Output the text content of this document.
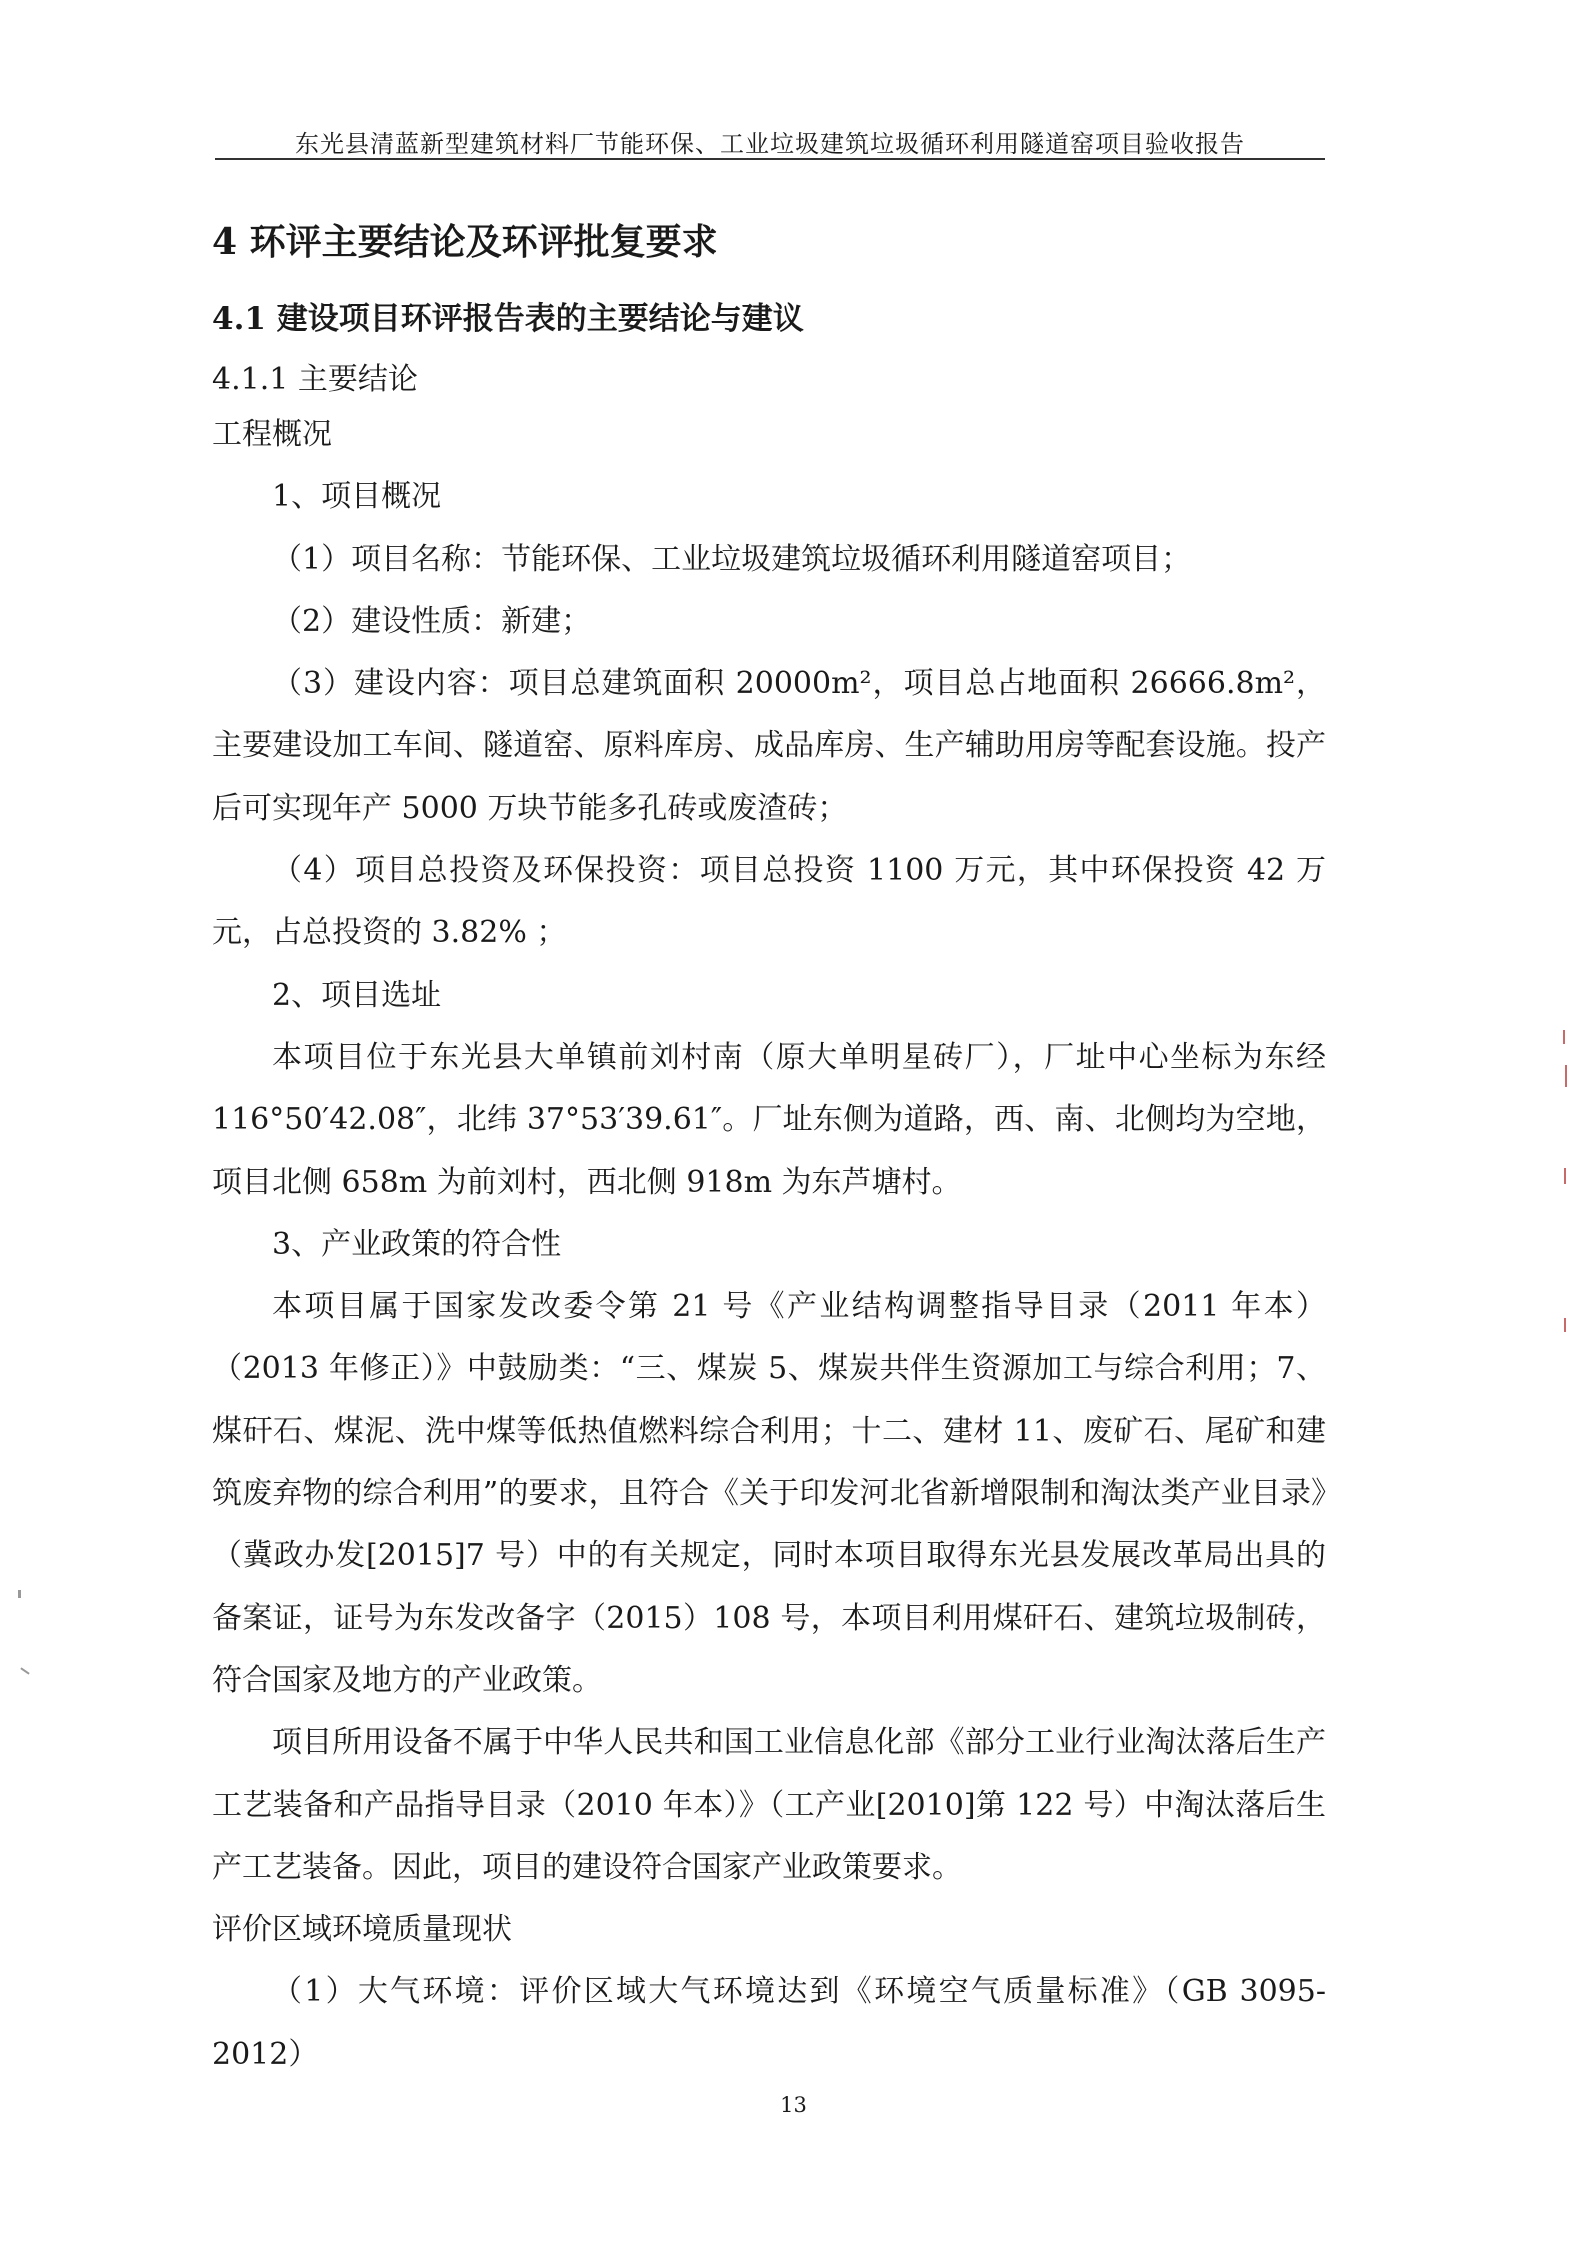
东光县清蓝新型建筑材料厂节能环保、工业垃圾建筑垃圾循环利用隧道窑项目验收报告
4 环评主要结论及环评批复要求
4.1 建设项目环评报告表的主要结论与建议
4.1.1 主要结论

工程概况

1、项目概况

（1）项目名称：节能环保、工业垃圾建筑垃圾循环利用隧道窑项目；

（2）建设性质：新建；

（3）建设内容：项目总建筑面积 20000m²，项目总占地面积 26666.8m²，主要建设加工车间、隧道窑、原料库房、成品库房、生产辅助用房等配套设施。投产后可实现年产 5000 万块节能多孔砖或废渣砖；

（4）项目总投资及环保投资：项目总投资 1100 万元，其中环保投资 42 万元，占总投资的 3.82% ；

2、项目选址

本项目位于东光县大单镇前刘村南（原大单明星砖厂），厂址中心坐标为东经 116°50′42.08″，北纬 37°53′39.61″。厂址东侧为道路，西、南、北侧均为空地，项目北侧 658m 为前刘村，西北侧 918m 为东芦塘村。

3、产业政策的符合性

本项目属于国家发改委令第 21 号《产业结构调整指导目录（2011 年本）（2013 年修正）》中鼓励类：“三、煤炭 5、煤炭共伴生资源加工与综合利用；7、煤矸石、煤泥、洗中煤等低热值燃料综合利用；十二、建材 11、废矿石、尾矿和建筑废弃物的综合利用”的要求，且符合《关于印发河北省新增限制和淘汰类产业目录》（冀政办发[2015]7 号）中的有关规定，同时本项目取得东光县发展改革局出具的备案证，证号为东发改备字（2015）108 号，本项目利用煤矸石、建筑垃圾制砖，符合国家及地方的产业政策。

项目所用设备不属于中华人民共和国工业信息化部《部分工业行业淘汰落后生产工艺装备和产品指导目录（2010 年本）》（工产业[2010]第 122 号）中淘汰落后生产工艺装备。因此，项目的建设符合国家产业政策要求。

评价区域环境质量现状

（1）大气环境：评价区域大气环境达到《环境空气质量标准》（GB 3095-2012）

13
